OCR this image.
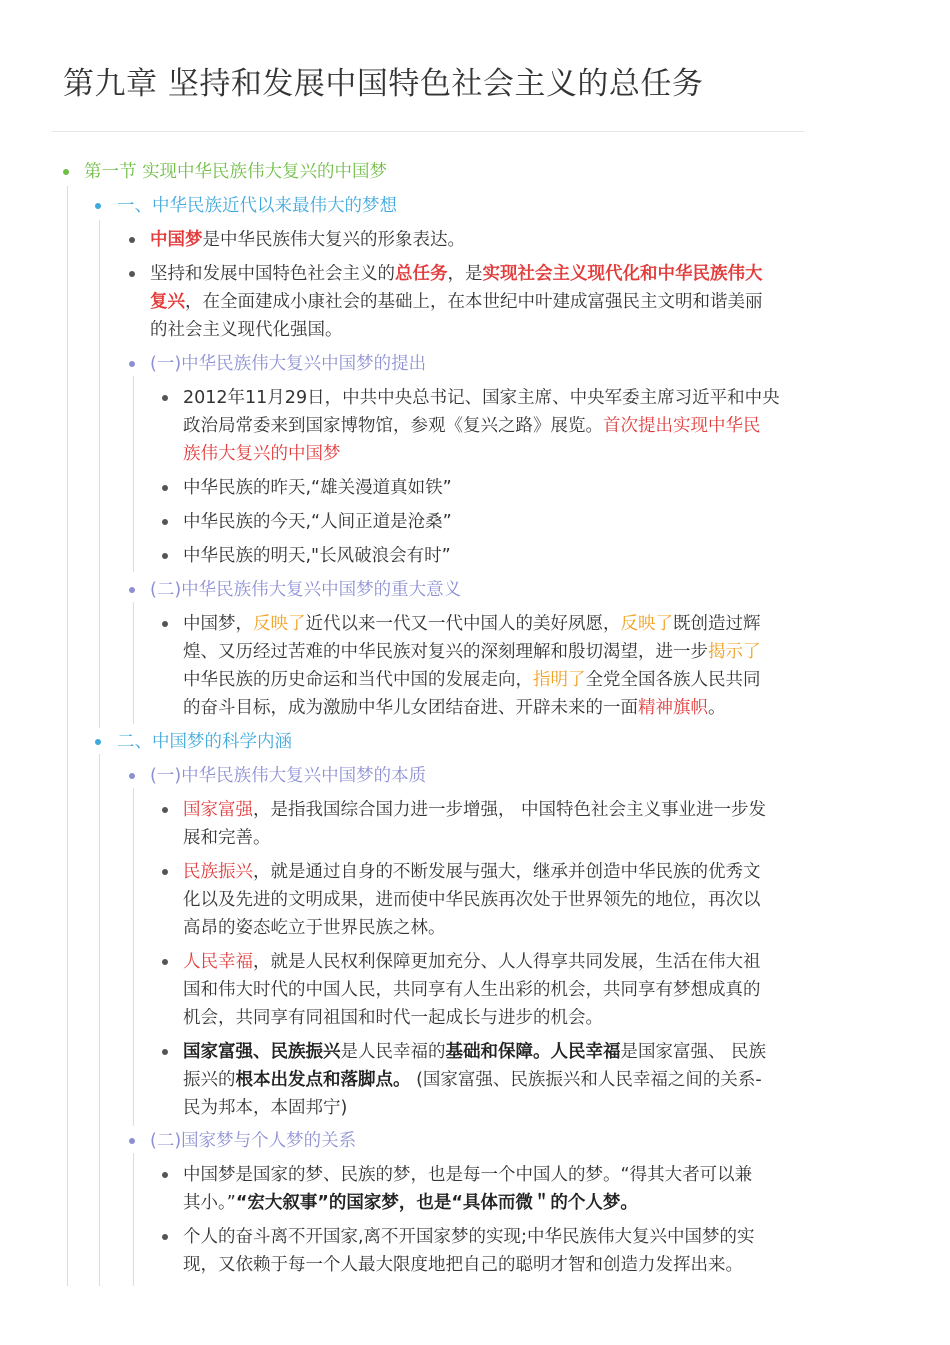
第九章 坚持和发展中国特色社会主义的总任务
第一节 实现中华民族伟大复兴的中国梦
一、中华民族近代以来最伟大的梦想
中国梦是中华民族伟大复兴的形象表达。
坚持和发展中国特色社会主义的总任务，是实现社会主义现代化和中华民族伟大
复兴，在全面建成小康社会的基础上，在本世纪中叶建成富强民主文明和谐美丽
的社会主义现代化强国。
(一)中华民族伟大复兴中国梦的提出
2012年11月29日，中共中央总书记、国家主席、中央军委主席习近平和中央
政治局常委来到国家博物馆，参观《复兴之路》展览。首次提出实现中华民
族伟大复兴的中国梦
中华民族的昨天,“雄关漫道真如铁”
中华民族的今天,“人间正道是沧桑”
中华民族的明天,"长风破浪会有时”
(二)中华民族伟大复兴中国梦的重大意义
中国梦，反映了近代以来一代又一代中国人的美好夙愿，反映了既创造过辉
煌、又历经过苦难的中华民族对复兴的深刻理解和殷切渴望，进一步揭示了
中华民族的历史命运和当代中国的发展走向，指明了全党全国各族人民共同
的奋斗目标，成为激励中华儿女团结奋进、开辟未来的一面精神旗帜。
二、中国梦的科学内涵
(一)中华民族伟大复兴中国梦的本质
国家富强，是指我国综合国力进一步增强， 中国特色社会主义事业进一步发
展和完善。
民族振兴，就是通过自身的不断发展与强大，继承并创造中华民族的优秀文
化以及先进的文明成果，进而使中华民族再次处于世界领先的地位，再次以
高昂的姿态屹立于世界民族之林。
人民幸福，就是人民权利保障更加充分、人人得享共同发展，生活在伟大祖
国和伟大时代的中国人民，共同享有人生出彩的机会，共同享有梦想成真的
机会，共同享有同祖国和时代一起成长与进步的机会。
国家富强、民族振兴是人民幸福的基础和保障。人民幸福是国家富强、 民族
振兴的根本出发点和落脚点。 (国家富强、民族振兴和人民幸福之间的关系-
民为邦本，本固邦宁)
(二)国家梦与个人梦的关系
中国梦是国家的梦、民族的梦，也是每一个中国人的梦。“得其大者可以兼
其小。”“宏大叙事”的国家梦，也是“具体而微＂的个人梦。
个人的奋斗离不开国家,离不开国家梦的实现;中华民族伟大复兴中国梦的实
现，又依赖于每一个人最大限度地把自己的聪明才智和创造力发挥出来。
